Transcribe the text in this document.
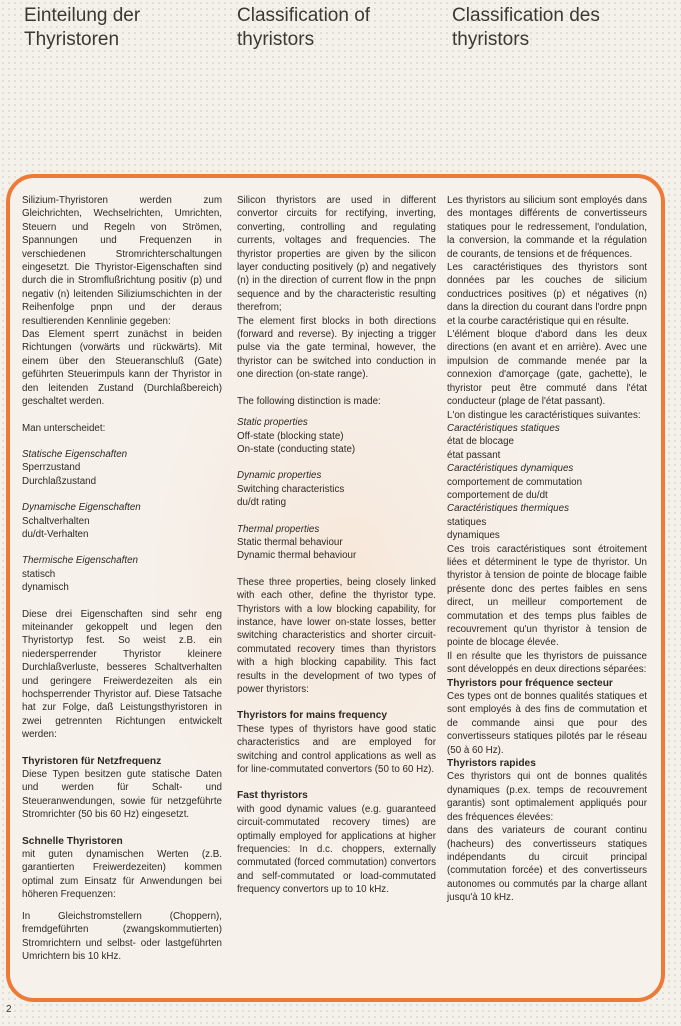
Einteilung der
Thyristoren
Classification of
thyristors
Classification des
thyristors

Silizium-Thyristoren werden zum Gleichrichten, Wechselrichten, Umrichten, Steuern und Regeln von Strömen, Spannungen und Frequenzen in verschiedenen Stromrichterschaltungen eingesetzt. Die Thyristor-Eigenschaften sind durch die in Stromflußrichtung positiv (p) und negativ (n) leitenden Siliziumschichten in der Reihenfolge pnpn und der deraus resultierenden Kennlinie gegeben:

Das Element sperrt zunächst in beiden Richtungen (vorwärts und rückwärts). Mit einem über den Steueranschluß (Gate) geführten Steuerimpuls kann der Thyristor in den leitenden Zustand (Durchlaßbereich) geschaltet werden.

Man unterscheidet:

Statische Eigenschaften

Sperrzustand

Durchlaßzustand

Dynamische Eigenschaften

Schaltverhalten

du/dt-Verhalten

Thermische Eigenschaften

statisch

dynamisch

Diese drei Eigenschaften sind sehr eng miteinander gekoppelt und legen den Thyristortyp fest. So weist z.B. ein niedersperrender Thyristor kleinere Durchlaßverluste, besseres Schaltverhalten und geringere Freiwerdezeiten als ein hochsperrender Thyristor auf. Diese Tatsache hat zur Folge, daß Leistungsthyristoren in zwei getrennten Richtungen entwickelt werden:

Thyristoren für Netzfrequenz

Diese Typen besitzen gute statische Daten und werden für Schalt- und Steueranwendungen, sowie für netzgeführte Stromrichter (50 bis 60 Hz) eingesetzt.

Schnelle Thyristoren

mit guten dynamischen Werten (z.B. garantierten Freiwerdezeiten) kommen optimal zum Einsatz für Anwendungen bei höheren Frequenzen:

In Gleichstromstellern (Choppern), fremdgeführten (zwangskommutierten) Stromrichtern und selbst- oder lastgeführten Umrichtern bis 10 kHz.

Silicon thyristors are used in different convertor circuits for rectifying, inverting, converting, controlling and regulating currents, voltages and frequencies. The thyristor properties are given by the silicon layer conducting positively (p) and negatively (n) in the direction of current flow in the pnpn sequence and by the characteristic resulting therefrom;

The element first blocks in both directions (forward and reverse). By injecting a trigger pulse via the gate terminal, however, the thyristor can be switched into conduction in one direction (on-state range).

The following distinction is made:

Static properties

Off-state (blocking state)

On-state (conducting state)

Dynamic properties

Switching characteristics

du/dt rating

Thermal properties

Static thermal behaviour

Dynamic thermal behaviour

These three properties, being closely linked with each other, define the thyristor type. Thyristors with a low blocking capability, for instance, have lower on-state losses, better switching characteristics and shorter circuit-commutated recovery times than thyristors with a high blocking capability. This fact results in the development of two types of power thyristors:

Thyristors for mains frequency

These types of thyristors have good static characteristics and are employed for switching and control applications as well as for line-commutated convertors (50 to 60 Hz).

Fast thyristors

with good dynamic values (e.g. guaranteed circuit-commutated recovery times) are optimally employed for applications at higher frequencies: In d.c. choppers, externally commutated (forced commutation) convertors and self-commutated or load-commutated frequency convertors up to 10 kHz.

Les thyristors au silicium sont employés dans des montages différents de convertisseurs statiques pour le redressement, l'ondulation, la conversion, la commande et la régulation de courants, de tensions et de fréquences.

Les caractéristiques des thyristors sont données par les couches de silicium conductrices positives (p) et négatives (n) dans la direction du courant dans l'ordre pnpn et la courbe caractéristique qui en résulte.

L'élément bloque d'abord dans les deux directions (en avant et en arrière). Avec une impulsion de commande menée par la connexion d'amorçage (gate, gachette), le thyristor peut être commuté dans l'état conducteur (plage de l'état passant).

L'on distingue les caractéristiques suivantes:

Caractéristiques statiques

état de blocage

état passant

Caractéristiques dynamiques

comportement de commutation

comportement de du/dt

Caractéristiques thermiques

statiques

dynamiques

Ces trois caractéristiques sont étroitement liées et déterminent le type de thyristor. Un thyristor à tension de pointe de blocage faible présente donc des pertes faibles en sens direct, un meilleur comportement de commutation et des temps plus faibles de recouvrement qu'un thyristor à tension de pointe de blocage élevée.

Il en résulte que les thyristors de puissance sont développés en deux directions séparées:

Thyristors pour fréquence secteur

Ces types ont de bonnes qualités statiques et sont employés à des fins de commutation et de commande ainsi que pour des convertisseurs statiques pilotés par le réseau (50 à 60 Hz).

Thyristors rapides

Ces thyristors qui ont de bonnes qualités dynamiques (p.ex. temps de recouvrement garantis) sont optimalement appliqués pour des fréquences élevées:

dans des variateurs de courant continu (hacheurs) des convertisseurs statiques indépendants du circuit principal (commutation forcée) et des convertisseurs autonomes ou commutés par la charge allant jusqu'à 10 kHz.

2
